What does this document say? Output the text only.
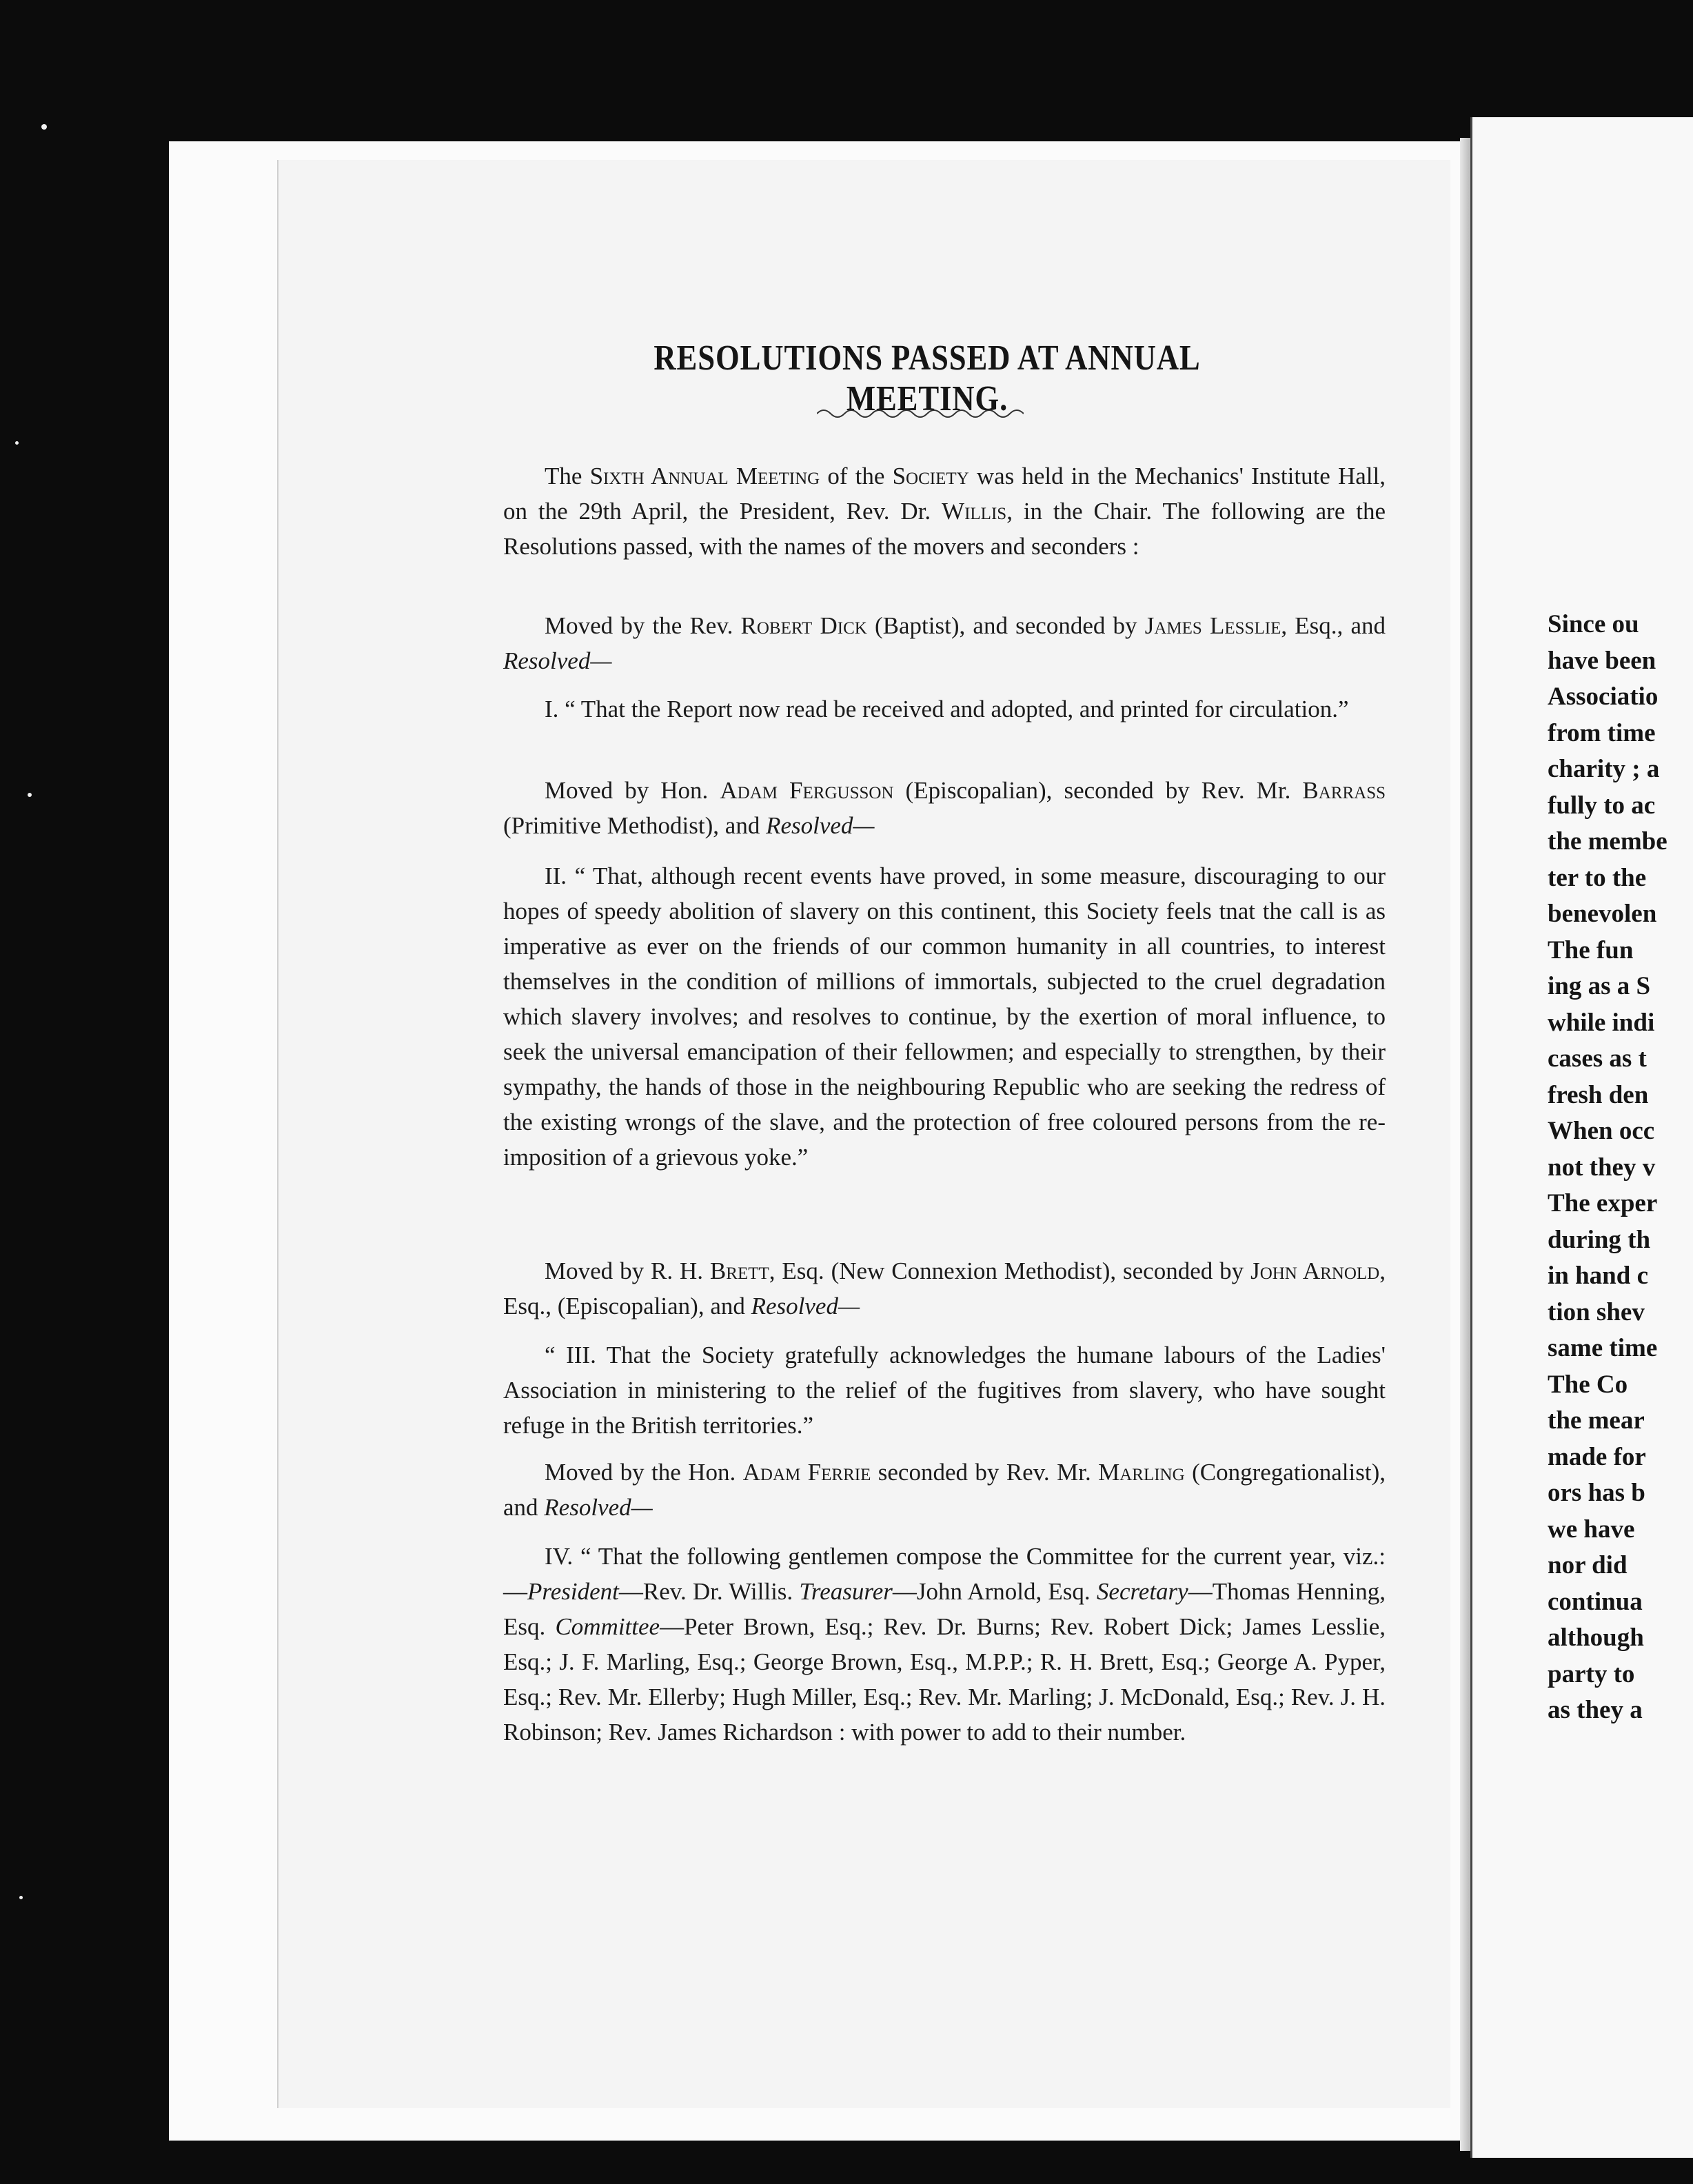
RESOLUTIONS PASSED AT ANNUAL MEETING.

The Sixth Annual Meeting of the Society was held in the Mechanics' Institute Hall, on the 29th April, the President, Rev. Dr. Willis, in the Chair. The following are the Resolutions passed, with the names of the movers and seconders :

Moved by the Rev. Robert Dick (Baptist), and seconded by James Lesslie, Esq., and Resolved—

I. “ That the Report now read be received and adopted, and printed for circulation.”

Moved by Hon. Adam Fergusson (Episcopalian), seconded by Rev. Mr. Barrass (Primitive Methodist), and Resolved—

II. “ That, although recent events have proved, in some measure, discouraging to our hopes of speedy abolition of slavery on this continent, this Society feels tnat the call is as imperative as ever on the friends of our common humanity in all countries, to interest themselves in the condition of millions of immortals, subjected to the cruel degradation which slavery involves; and resolves to continue, by the exertion of moral influence, to seek the universal emancipation of their fellowmen; and especially to strengthen, by their sympathy, the hands of those in the neighbouring Republic who are seeking the redress of the existing wrongs of the slave, and the protection of free coloured persons from the re-imposition of a grievous yoke.”

Moved by R. H. Brett, Esq. (New Connexion Methodist), seconded by John Arnold, Esq., (Episcopalian), and Resolved—

“ III. That the Society gratefully acknowledges the humane labours of the Ladies' Association in ministering to the relief of the fugitives from slavery, who have sought refuge in the British territories.”

Moved by the Hon. Adam Ferrie seconded by Rev. Mr. Marling (Congregationalist), and Resolved—

IV. “ That the following gentlemen compose the Committee for the current year, viz.:—President—Rev. Dr. Willis. Treasurer—John Arnold, Esq. Secretary—Thomas Henning, Esq. Committee—Peter Brown, Esq.; Rev. Dr. Burns; Rev. Robert Dick; James Lesslie, Esq.; J. F. Marling, Esq.; George Brown, Esq., M.P.P.; R. H. Brett, Esq.; George A. Pyper, Esq.; Rev. Mr. Ellerby; Hugh Miller, Esq.; Rev. Mr. Marling; J. McDonald, Esq.; Rev. J. H. Robinson; Rev. James Richardson : with power to add to their number.

Since ou
have been
Associatio
from time
charity ; a
fully to ac
the membe
ter to the
benevolen
The fun
ing as a S
while indi
cases as t
fresh den
When occ
not they v
The exper
during th
in hand c
tion shev
same time
The Co
the mear
made for
ors has b
we have
nor did
continua
although
party to
as they a
